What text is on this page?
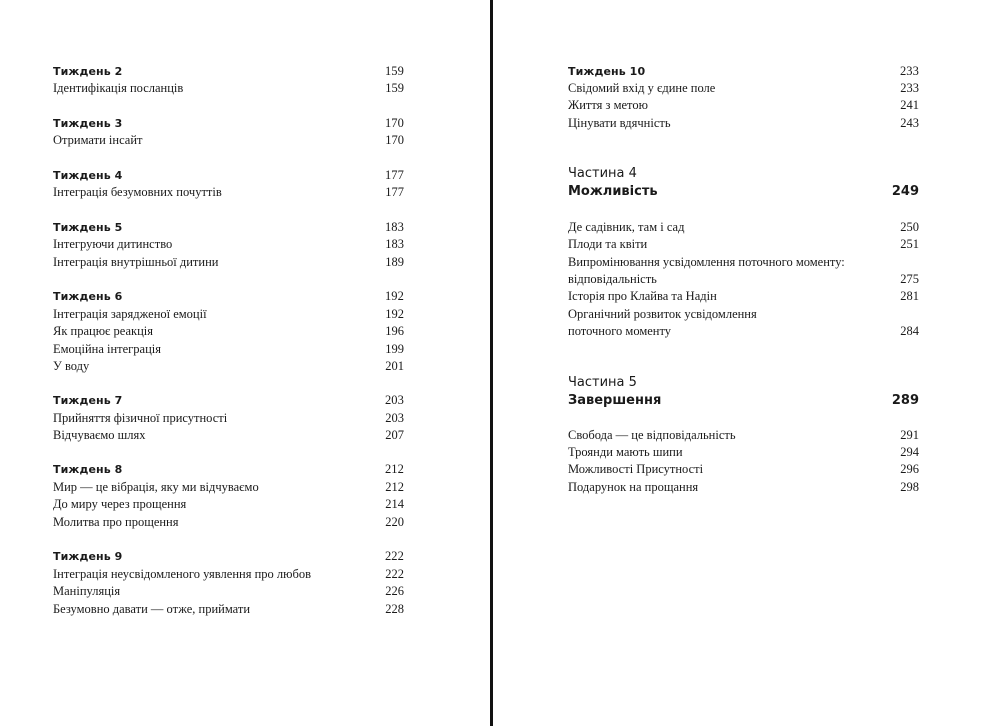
Тиждень 2	159
Ідентифікація посланців	159
Тиждень 3	170
Отримати інсайт	170
Тиждень 4	177
Інтеграція безумовних почуттів	177
Тиждень 5	183
Інтегруючи дитинство	183
Інтеграція внутрішньої дитини	189
Тиждень 6	192
Інтеграція зарядженої емоції	192
Як працює реакція	196
Емоційна інтеграція	199
У воду	201
Тиждень 7	203
Прийняття фізичної присутності	203
Відчуваємо шлях	207
Тиждень 8	212
Мир — це вібрація, яку ми відчуваємо	212
До миру через прощення	214
Молитва про прощення	220
Тиждень 9	222
Інтеграція неусвідомленого уявлення про любов	222
Маніпуляція	226
Безумовно давати — отже, приймати	228
Тиждень 10	233
Свідомий вхід у єдине поле	233
Життя з метою	241
Цінувати вдячність	243
Частина 4
Можливість	249
Де садівник, там і сад	250
Плоди та квіти	251
Випромінювання усвідомлення поточного моменту:
відповідальність	275
Історія про Клайва та Надін	281
Органічний розвиток усвідомлення
поточного моменту	284
Частина 5
Завершення	289
Свобода — це відповідальність	291
Троянди мають шипи	294
Можливості Присутності	296
Подарунок на прощання	298
